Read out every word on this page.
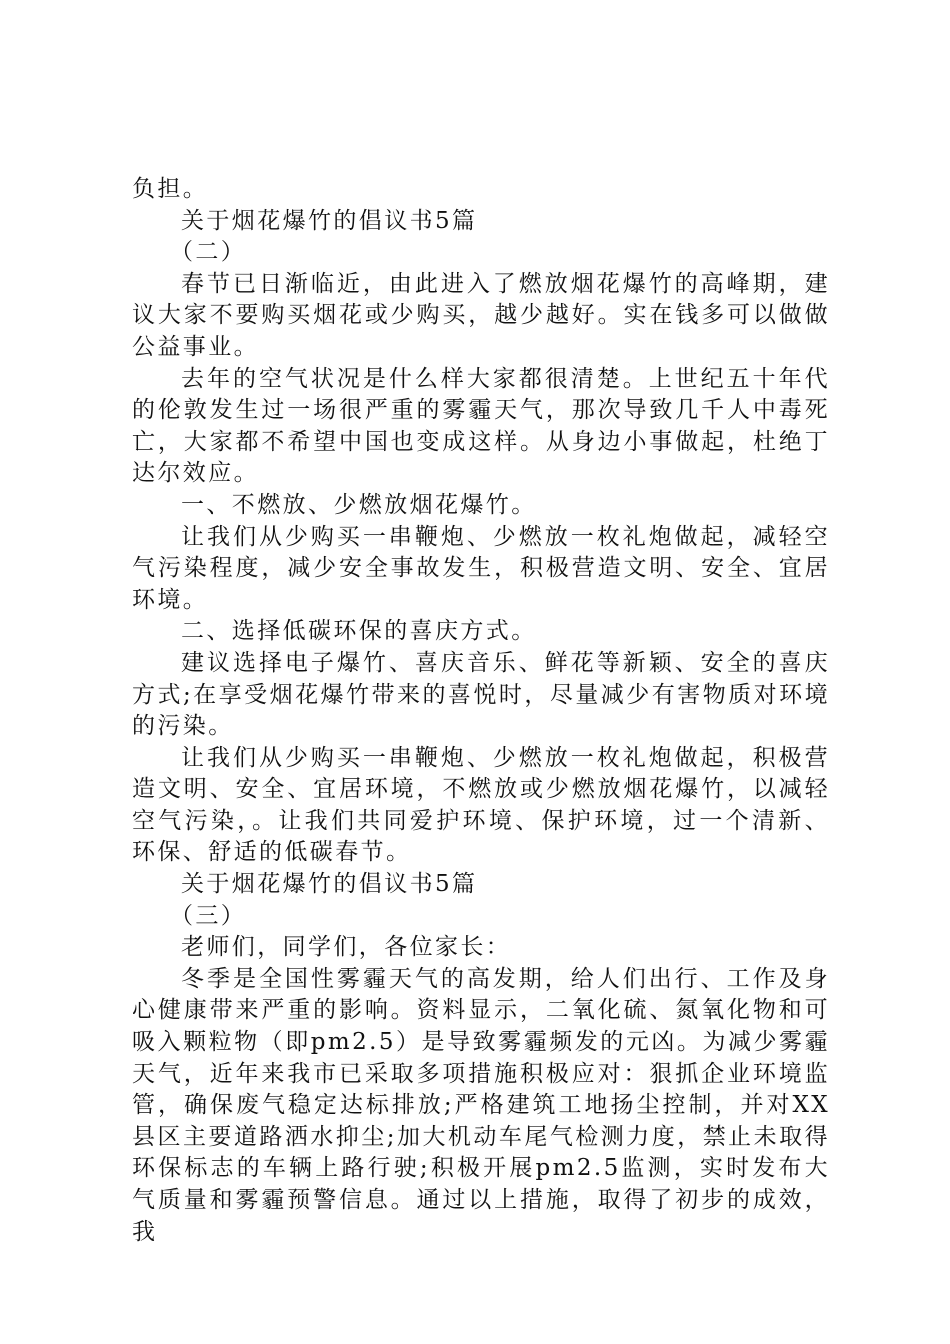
负担。

关于烟花爆竹的倡议书5篇

（二）

春节已日渐临近，由此进入了燃放烟花爆竹的高峰期，建议大家不要购买烟花或少购买，越少越好。实在钱多可以做做公益事业。

去年的空气状况是什么样大家都很清楚。上世纪五十年代的伦敦发生过一场很严重的雾霾天气，那次导致几千人中毒死亡，大家都不希望中国也变成这样。从身边小事做起，杜绝丁达尔效应。

一、不燃放、少燃放烟花爆竹。

让我们从少购买一串鞭炮、少燃放一枚礼炮做起，减轻空气污染程度，减少安全事故发生，积极营造文明、安全、宜居环境。

二、选择低碳环保的喜庆方式。

建议选择电子爆竹、喜庆音乐、鲜花等新颖、安全的喜庆方式;在享受烟花爆竹带来的喜悦时，尽量减少有害物质对环境的污染。

让我们从少购买一串鞭炮、少燃放一枚礼炮做起，积极营造文明、安全、宜居环境，不燃放或少燃放烟花爆竹，以减轻空气污染，。让我们共同爱护环境、保护环境，过一个清新、环保、舒适的低碳春节。

关于烟花爆竹的倡议书5篇

（三）

老师们，同学们，各位家长：

冬季是全国性雾霾天气的高发期，给人们出行、工作及身心健康带来严重的影响。资料显示，二氧化硫、氮氧化物和可吸入颗粒物（即pm2.5）是导致雾霾频发的元凶。为减少雾霾天气，近年来我市已采取多项措施积极应对：狠抓企业环境监管，确保废气稳定达标排放;严格建筑工地扬尘控制，并对XX县区主要道路洒水抑尘;加大机动车尾气检测力度，禁止未取得环保标志的车辆上路行驶;积极开展pm2.5监测，实时发布大气质量和雾霾预警信息。通过以上措施，取得了初步的成效，我
